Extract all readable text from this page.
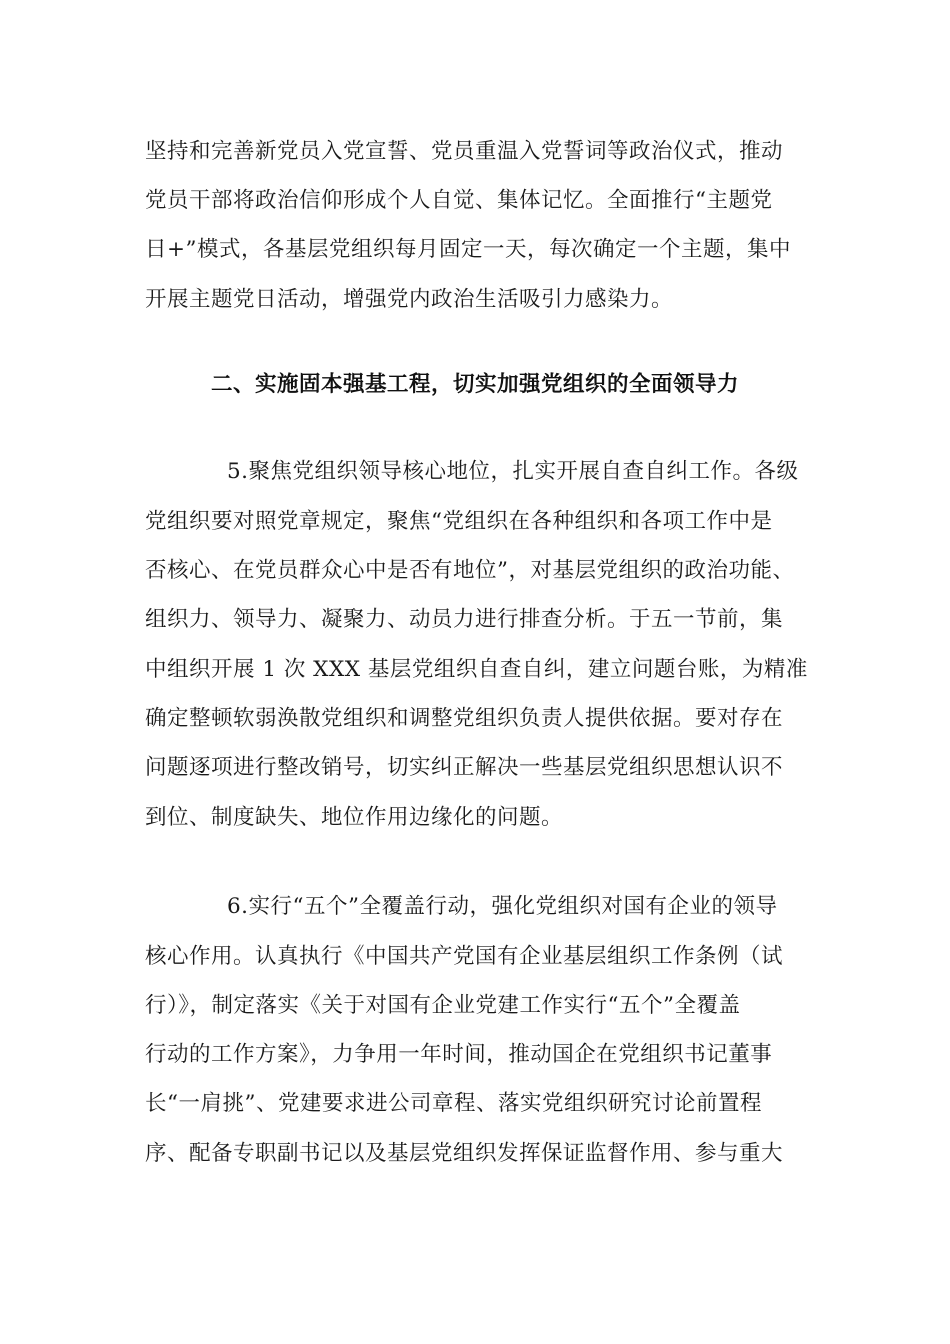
坚持和完善新党员入党宣誓、党员重温入党誓词等政治仪式，推动
党员干部将政治信仰形成个人自觉、集体记忆。全面推行“主题党
日+”模式，各基层党组织每月固定一天，每次确定一个主题，集中
开展主题党日活动，增强党内政治生活吸引力感染力。
二、实施固本强基工程，切实加强党组织的全面领导力
5.聚焦党组织领导核心地位，扎实开展自查自纠工作。各级
党组织要对照党章规定，聚焦“党组织在各种组织和各项工作中是
否核心、在党员群众心中是否有地位”，对基层党组织的政治功能、
组织力、领导力、凝聚力、动员力进行排查分析。于五一节前，集
中组织开展 1 次 XXX 基层党组织自查自纠，建立问题台账，为精准
确定整顿软弱涣散党组织和调整党组织负责人提供依据。要对存在
问题逐项进行整改销号，切实纠正解决一些基层党组织思想认识不
到位、制度缺失、地位作用边缘化的问题。
6.实行“五个”全覆盖行动，强化党组织对国有企业的领导
核心作用。认真执行《中国共产党国有企业基层组织工作条例（试
行）》，制定落实《关于对国有企业党建工作实行“五个”全覆盖
行动的工作方案》，力争用一年时间，推动国企在党组织书记董事
长“一肩挑”、党建要求进公司章程、落实党组织研究讨论前置程
序、配备专职副书记以及基层党组织发挥保证监督作用、参与重大
